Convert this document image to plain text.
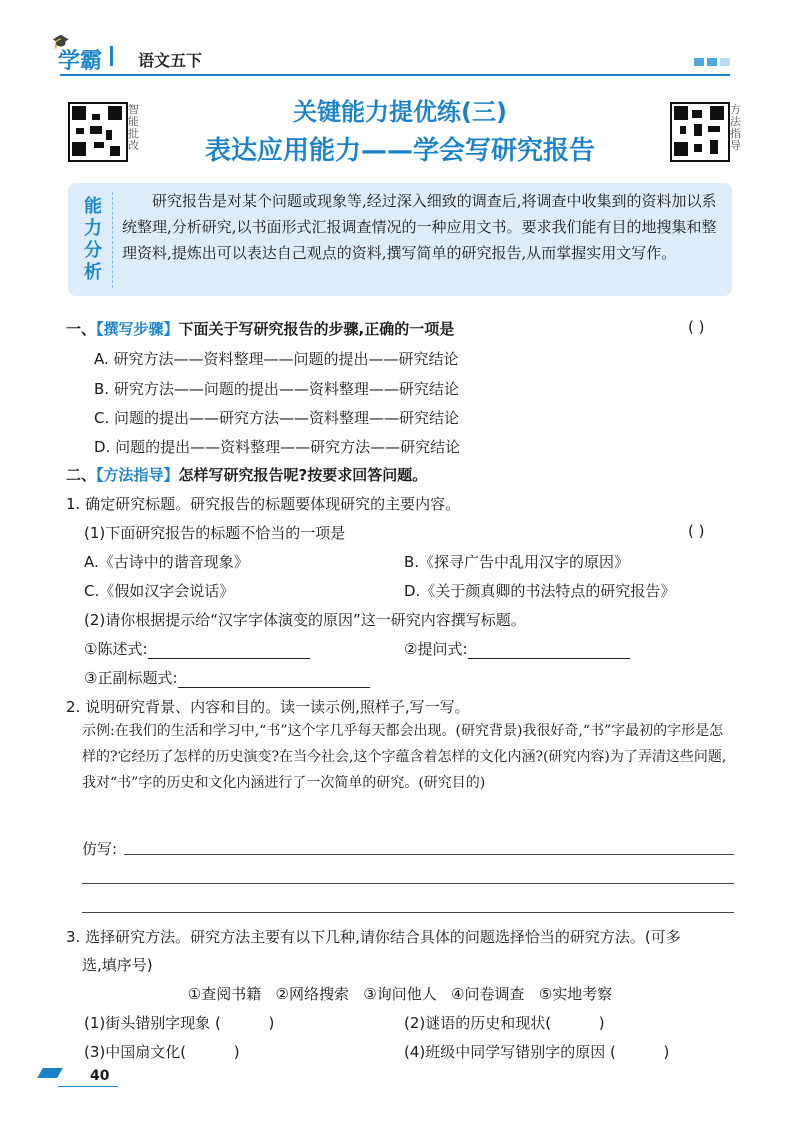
🎓
学霸	语文五下
智能批改
方法指导
关键能力提优练(三)
表达应用能力——学会写研究报告
能力分析
研究报告是对某个问题或现象等,经过深入细致的调查后,将调查中收集到的资料加以系统整理,分析研究,以书面形式汇报调查情况的一种应用文书。要求我们能有目的地搜集和整理资料,提炼出可以表达自己观点的资料,撰写简单的研究报告,从而掌握实用文写作。
一、【撰写步骤】下面关于写研究报告的步骤,正确的一项是	( )
A. 研究方法——资料整理——问题的提出——研究结论
B. 研究方法——问题的提出——资料整理——研究结论
C. 问题的提出——研究方法——资料整理——研究结论
D. 问题的提出——资料整理——研究方法——研究结论
二、【方法指导】怎样写研究报告呢?按要求回答问题。
1. 确定研究标题。研究报告的标题要体现研究的主要内容。
(1)下面研究报告的标题不恰当的一项是	( )
A.《古诗中的谐音现象》	B.《探寻广告中乱用汉字的原因》
C.《假如汉字会说话》	D.《关于颜真卿的书法特点的研究报告》
(2)请你根据提示给“汉字字体演变的原因”这一研究内容撰写标题。
①陈述式:	②提问式:
③正副标题式:
2. 说明研究背景、内容和目的。读一读示例,照样子,写一写。
示例:在我们的生活和学习中,“书”这个字几乎每天都会出现。(研究背景)我很好奇,“书”字最初的字形是怎样的?它经历了怎样的历史演变?在当今社会,这个字蕴含着怎样的文化内涵?(研究内容)为了弄清这些问题,我对“书”字的历史和文化内涵进行了一次简单的研究。(研究目的)
仿写:
3. 选择研究方法。研究方法主要有以下几种,请你结合具体的问题选择恰当的研究方法。(可多
选,填序号)
①查阅书籍   ②网络搜索   ③询问他人   ④问卷调查   ⑤实地考察
(1)街头错别字现象 (          )	(2)谜语的历史和现状(          )
(3)中国扇文化(          )	(4)班级中同学写错别字的原因 (          )
40
